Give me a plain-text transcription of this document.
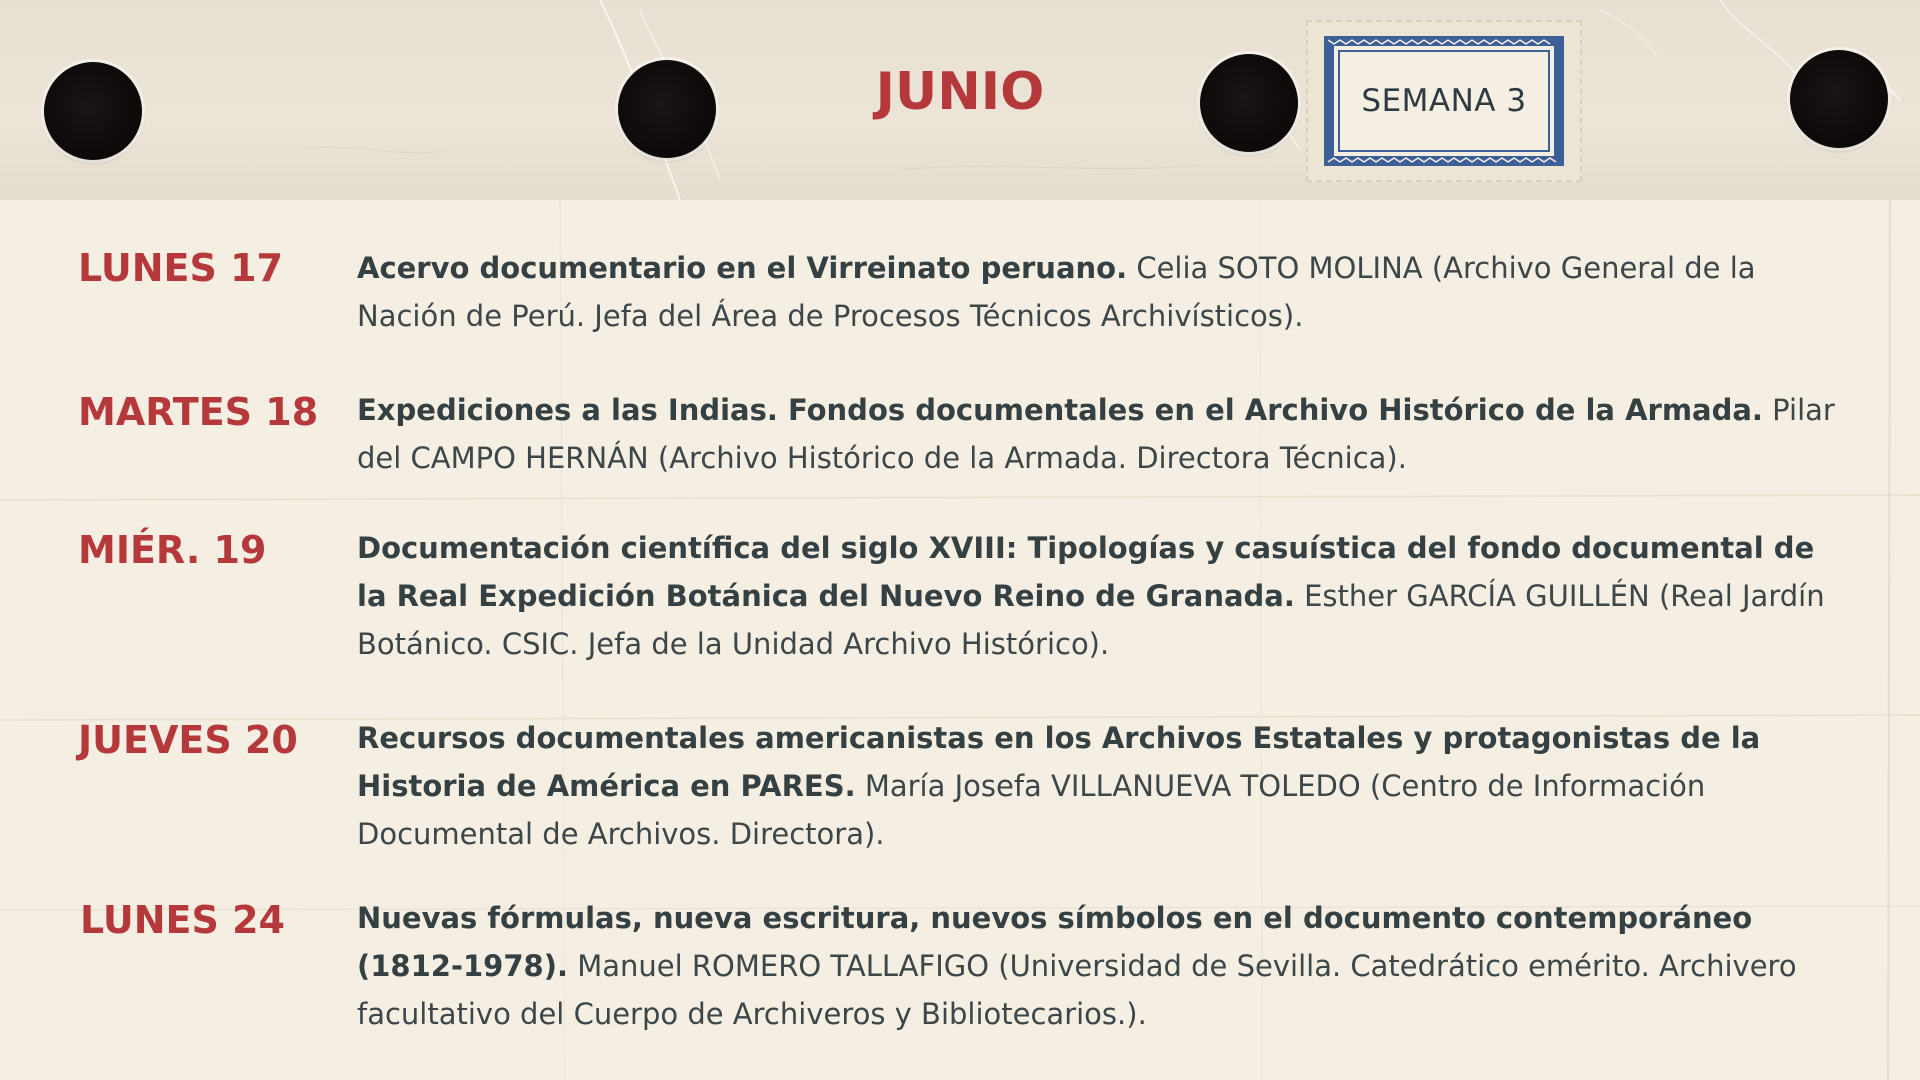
JUNIO	SEMANA 3
LUNES 17	Acervo documentario en el Virreinato peruano. Celia SOTO MOLINA (Archivo General de la Nación de Perú. Jefa del Área de Procesos Técnicos Archivísticos).
MARTES 18 Expediciones a las Indias. Fondos documentales en el Archivo Histórico de la Armada. Pilar del CAMPO HERNÁN (Archivo Histórico de la Armada. Directora Técnica).
MIÉR. 19	Documentación científica del siglo XVIII: Tipologías y casuística del fondo documental de la Real Expedición Botánica del Nuevo Reino de Granada. Esther GARCÍA GUILLÉN (Real Jardín Botánico. CSIC. Jefa de la Unidad Archivo Histórico).
JUEVES 20 Recursos documentales americanistas en los Archivos Estatales y protagonistas de la Historia de América en PARES. María Josefa VILLANUEVA TOLEDO (Centro de Información Documental de Archivos. Directora).
LUNES 24 Nuevas fórmulas, nueva escritura, nuevos símbolos en el documento contemporáneo (1812-1978). Manuel ROMERO TALLAFIGO (Universidad de Sevilla. Catedrático emérito. Archivero facultativo del Cuerpo de Archiveros y Bibliotecarios.).
